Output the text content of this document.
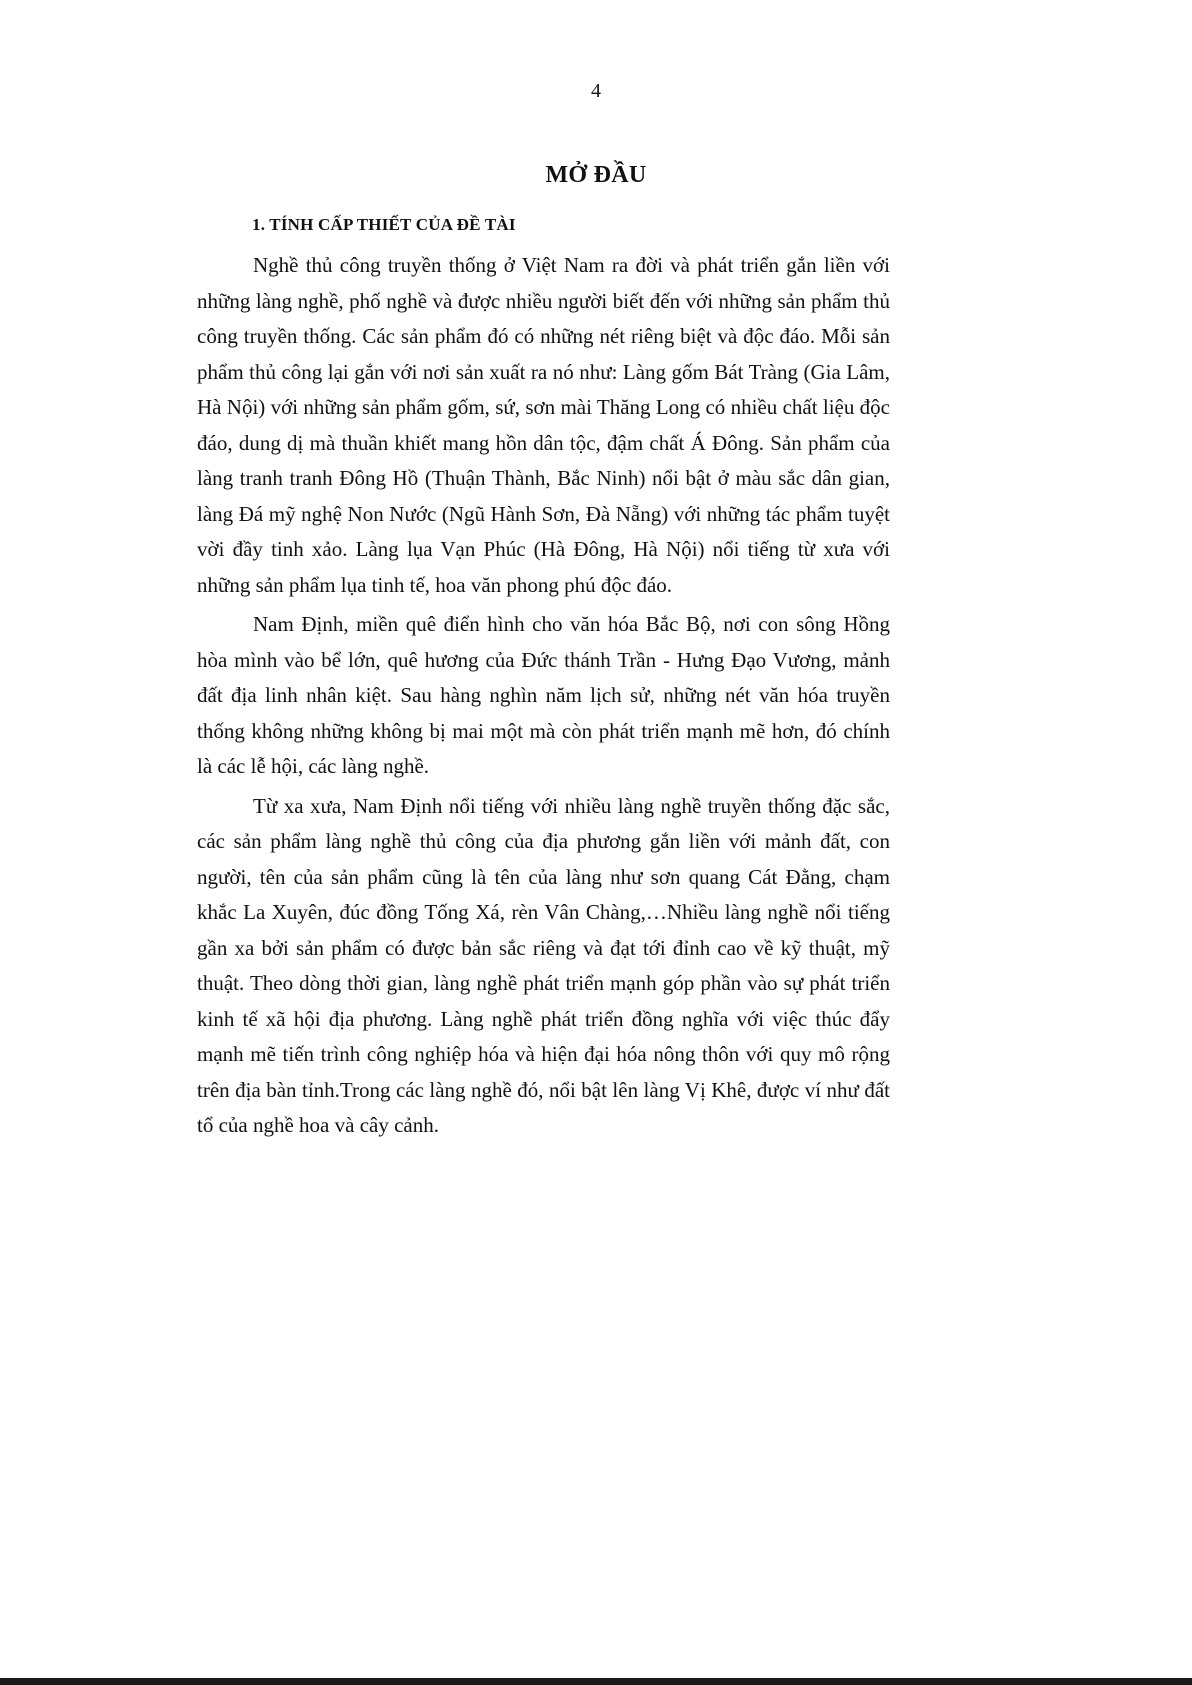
4

MỞ ĐẦU
1. TÍNH CẤP THIẾT CỦA ĐỀ TÀI

Nghề thủ công truyền thống ở Việt Nam ra đời và phát triển gắn liền với những làng nghề, phố nghề và được nhiều người biết đến với những sản phẩm thủ công truyền thống. Các sản phẩm đó có những nét riêng biệt và độc đáo. Mỗi sản phẩm thủ công lại gắn với nơi sản xuất ra nó như: Làng gốm Bát Tràng (Gia Lâm, Hà Nội) với những sản phẩm gốm, sứ, sơn mài Thăng Long có nhiều chất liệu độc đáo, dung dị mà thuần khiết mang hồn dân tộc, đậm chất Á Đông. Sản phẩm của làng tranh tranh Đông Hồ (Thuận Thành, Bắc Ninh) nổi bật ở màu sắc dân gian, làng Đá mỹ nghệ Non Nước (Ngũ Hành Sơn, Đà Nẵng) với những tác phẩm tuyệt vời đầy tinh xảo. Làng lụa Vạn Phúc (Hà Đông, Hà Nội) nổi tiếng từ xưa với những sản phẩm lụa tinh tế, hoa văn phong phú độc đáo.

Nam Định, miền quê điển hình cho văn hóa Bắc Bộ, nơi con sông Hồng hòa mình vào bể lớn, quê hương của Đức thánh Trần - Hưng Đạo Vương, mảnh đất địa linh nhân kiệt. Sau hàng nghìn năm lịch sử, những nét văn hóa truyền thống không những không bị mai một mà còn phát triển mạnh mẽ hơn, đó chính là các lễ hội, các làng nghề.

Từ xa xưa, Nam Định nổi tiếng với nhiều làng nghề truyền thống đặc sắc, các sản phẩm làng nghề thủ công của địa phương gắn liền với mảnh đất, con người, tên của sản phẩm cũng là tên của làng như sơn quang Cát Đằng, chạm khắc La Xuyên, đúc đồng Tống Xá, rèn Vân Chàng,…Nhiều làng nghề nổi tiếng gần xa bởi sản phẩm có được bản sắc riêng và đạt tới đỉnh cao về kỹ thuật, mỹ thuật. Theo dòng thời gian, làng nghề phát triển mạnh góp phần vào sự phát triển kinh tế xã hội địa phương. Làng nghề phát triển đồng nghĩa với việc thúc đẩy mạnh mẽ tiến trình công nghiệp hóa và hiện đại hóa nông thôn với quy mô rộng trên địa bàn tỉnh.Trong các làng nghề đó, nổi bật lên làng Vị Khê, được ví như đất tổ của nghề hoa và cây cảnh.
